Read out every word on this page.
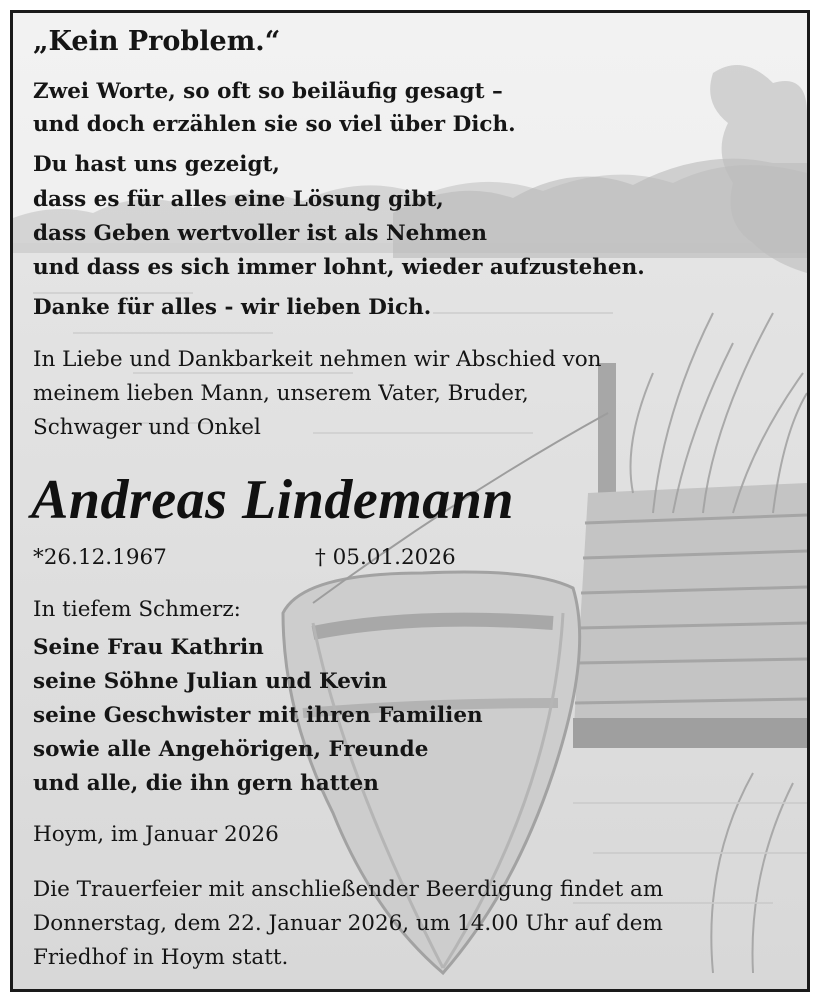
„Kein Problem.“

Zwei Worte, so oft so beiläufig gesagt –

und doch erzählen sie so viel über Dich.

Du hast uns gezeigt,

dass es für alles eine Lösung gibt,

dass Geben wertvoller ist als Nehmen

und dass es sich immer lohnt, wieder aufzustehen.

Danke für alles - wir lieben Dich.

In Liebe und Dankbarkeit nehmen wir Abschied von

meinem lieben Mann, unserem Vater, Bruder,

Schwager und Onkel

Andreas Lindemann

*26.12.1967	† 05.01.2026

In tiefem Schmerz:

Seine Frau Kathrin

seine Söhne Julian und Kevin

seine Geschwister mit ihren Familien

sowie alle Angehörigen, Freunde

und alle, die ihn gern hatten

Hoym, im Januar 2026

Die Trauerfeier mit anschließender Beerdigung findet am

Donnerstag, dem 22. Januar 2026, um 14.00 Uhr auf dem

Friedhof in Hoym statt.
